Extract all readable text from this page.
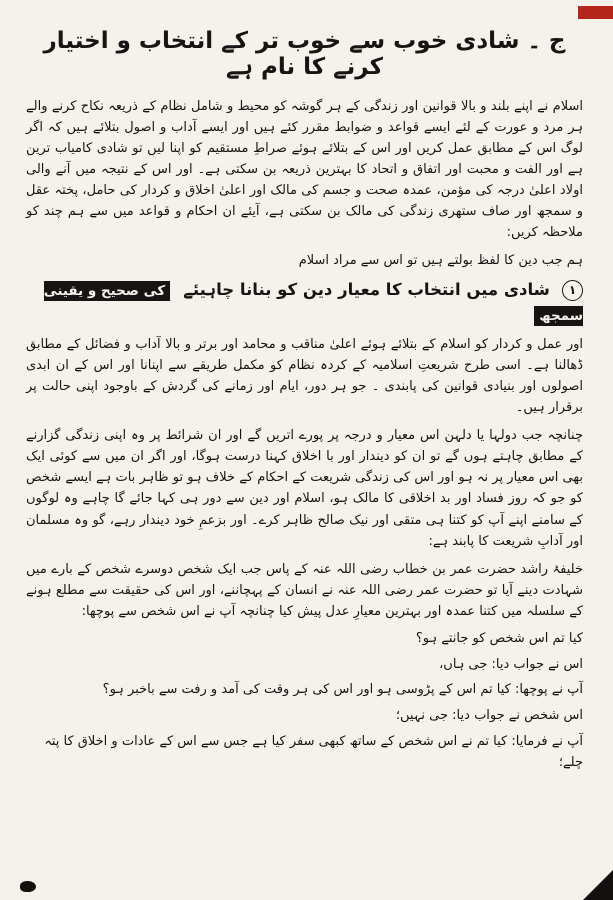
ج ۔ شادی خوب سے خوب تر کے انتخاب و اختیار کرنے کا نام ہے

اسلام نے اپنے بلند و بالا قوانین اور زندگی کے ہر گوشہ کو محیط و شامل نظام کے ذریعہ نکاح کرنے والے ہر مرد و عورت کے لئے ایسے قواعد و ضوابط مقرر کئے ہیں اور ایسے آداب و اصول بتلائے ہیں کہ اگر لوگ اس کے مطابق عمل کریں اور اس کے بتلائے ہوئے صراطِ مستقیم کو اپنا لیں تو شادی کامیاب ترین ہے اور الفت و محبت اور اتفاق و اتحاد کا بہترین ذریعہ بن سکتی ہے۔ اور اس کے نتیجہ میں آنے والی اولاد اعلیٰ درجہ کی مؤمن، عمدہ صحت و جسم کی مالک اور اعلیٰ اخلاق و کردار کی حامل، پختہ عقل و سمجھ اور صاف ستھری زندگی کی مالک بن سکتی ہے، آیئے ان احکام و قواعد میں سے ہم چند کو ملاحظہ کریں:

ہم جب دین کا لفظ بولتے ہیں تو اس سے مراد اسلام

۱ شادی میں انتخاب کا معیار دین کو بنانا چاہیئے کی صحیح و یقینی سمجھ

اور عمل و کردار کو اسلام کے بتلائے ہوئے اعلیٰ مناقب و محامد اور برتر و بالا آداب و فضائل کے مطابق ڈھالنا ہے۔ اسی طرح شریعتِ اسلامیہ کے کردہ نظام کو مکمل طریقے سے اپنانا اور اس کے ان ابدی اصولوں اور بنیادی قوانین کی پابندی ۔ جو ہر دور، ایام اور زمانے کی گردش کے باوجود اپنی حالت پر برقرار ہیں۔

چنانچہ جب دولہا یا دلہن اس معیار و درجہ پر پورے اتریں گے اور ان شرائط پر وہ اپنی زندگی گزارنے کے مطابق چاہتے ہوں گے تو ان کو دیندار اور با اخلاق کہنا درست ہوگا، اور اگر ان میں سے کوئی ایک بھی اس معیار پر نہ ہو اور اس کی زندگی شریعت کے احکام کے خلاف ہو تو ظاہر بات ہے ایسے شخص کو جو کہ روز فساد اور بد اخلاقی کا مالک ہو، اسلام اور دین سے دور ہی کہا جائے گا چاہے وہ لوگوں کے سامنے اپنے آپ کو کتنا ہی متقی اور نیک صالح ظاہر کرے۔ اور بزعمِ خود دیندار رہے، گو وہ مسلمان اور آدابِ شریعت کا پابند ہے:

خلیفۂ راشد حضرت عمر بن خطاب رضی اللہ عنہ کے پاس جب ایک شخص دوسرے شخص کے بارے میں شہادت دینے آیا تو حضرت عمر رضی اللہ عنہ نے انسان کے پہچاننے، اور اس کی حقیقت سے مطلع ہونے کے سلسلہ میں کتنا عمدہ اور بہترین معیارِ عدل پیش کیا چنانچہ آپ نے اس شخص سے پوچھا:

کیا تم اس شخص کو جانتے ہو؟

اس نے جواب دیا: جی ہاں،

آپ نے پوچھا: کیا تم اس کے پڑوسی ہو اور اس کی ہر وقت کی آمد و رفت سے باخبر ہو؟

اس شخص نے جواب دیا: جی نہیں؛

آپ نے فرمایا: کیا تم نے اس شخص کے ساتھ کبھی سفر کیا ہے جس سے اس کے عادات و اخلاق کا پتہ چلے؛
